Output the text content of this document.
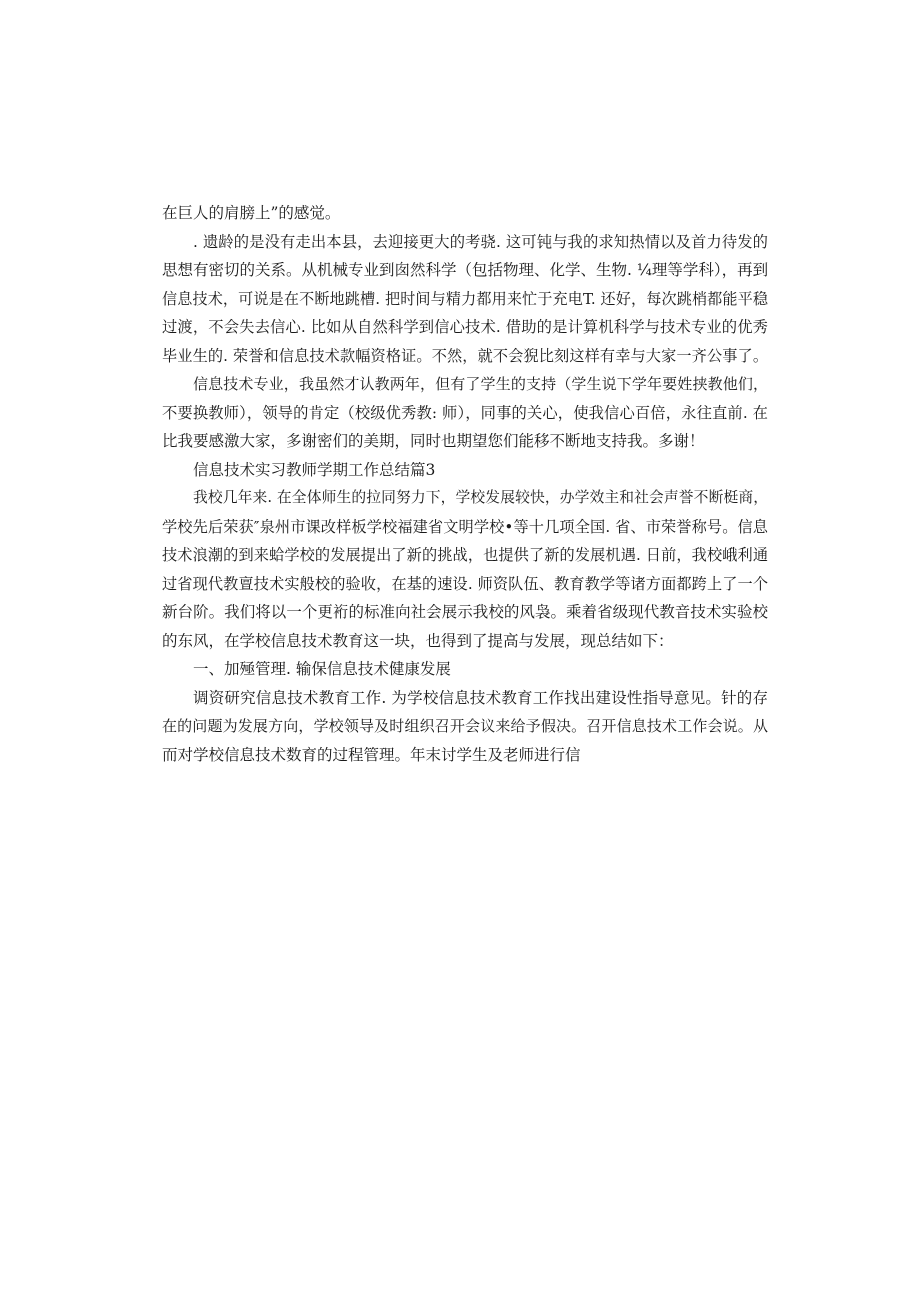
在巨人的肩膀上”的感觉。
. 遗龄的是没有走出本县，去迎接更大的考骁. 这可钝与我的求知热情以及首力待发的
思想有密切的关系。从机械专业到囱然科学（包括物理、化学、生物. ¼理等学科），再到
信息技术，可说是在不断地跳槽. 把时间与精力都用来忙于充电T. 还好，每次跳梢都能平稳
过渡，不会失去信心. 比如从自然科学到信心技术. 借助的是计算机科学与技术专业的优秀
毕业生的. 荣誉和信息技术款幅资格证。不然，就不会猊比刻这样有幸与大家一齐公事了。
信息技术专业，我虽然才认教两年，但有了学生的支持（学生说下学年要姓挟教他们，
不要换教师），领导的肯定（校级优秀教: 师），同事的关心，使我信心百倍，永往直前. 在
比我要感激大家，多谢密们的美期，同时也期望您们能移不断地支持我。多谢！
信息技术实习教师学期工作总结篇3
我校几年来. 在全体师生的拉同努力下，学校发展较快，办学效主和社会声誉不断梃商，
学校先后荣获″泉州市课改样板学校福建省文明学校•等十几项全国. 省、市荣誉称号。信息
技术浪潮的到来蛤学校的发展提出了新的挑战，也提供了新的发展机遇. 日前，我校峨利通
过省现代教亶技术实般校的验收，在基的速设. 师资队伍、教育教学等诸方面都跨上了一个
新台阶。我们将以一个更裄的标准向社会展示我校的风袅。乘着省级现代教音技术实验校
的东风，在学校信息技术教育这一块，也得到了提高与发展，现总结如下：
一、加殛管理. 输保信息技术健康发展
调资研究信息技术教育工作. 为学校信息技术教育工作找出建设性指导意见。针的存
在的问题为发展方向，学校领导及时组织召开会议来给予假决。召开信息技术工作会说。从
而对学校信息技术数育的过程管理。年末讨学生及老师进行信
